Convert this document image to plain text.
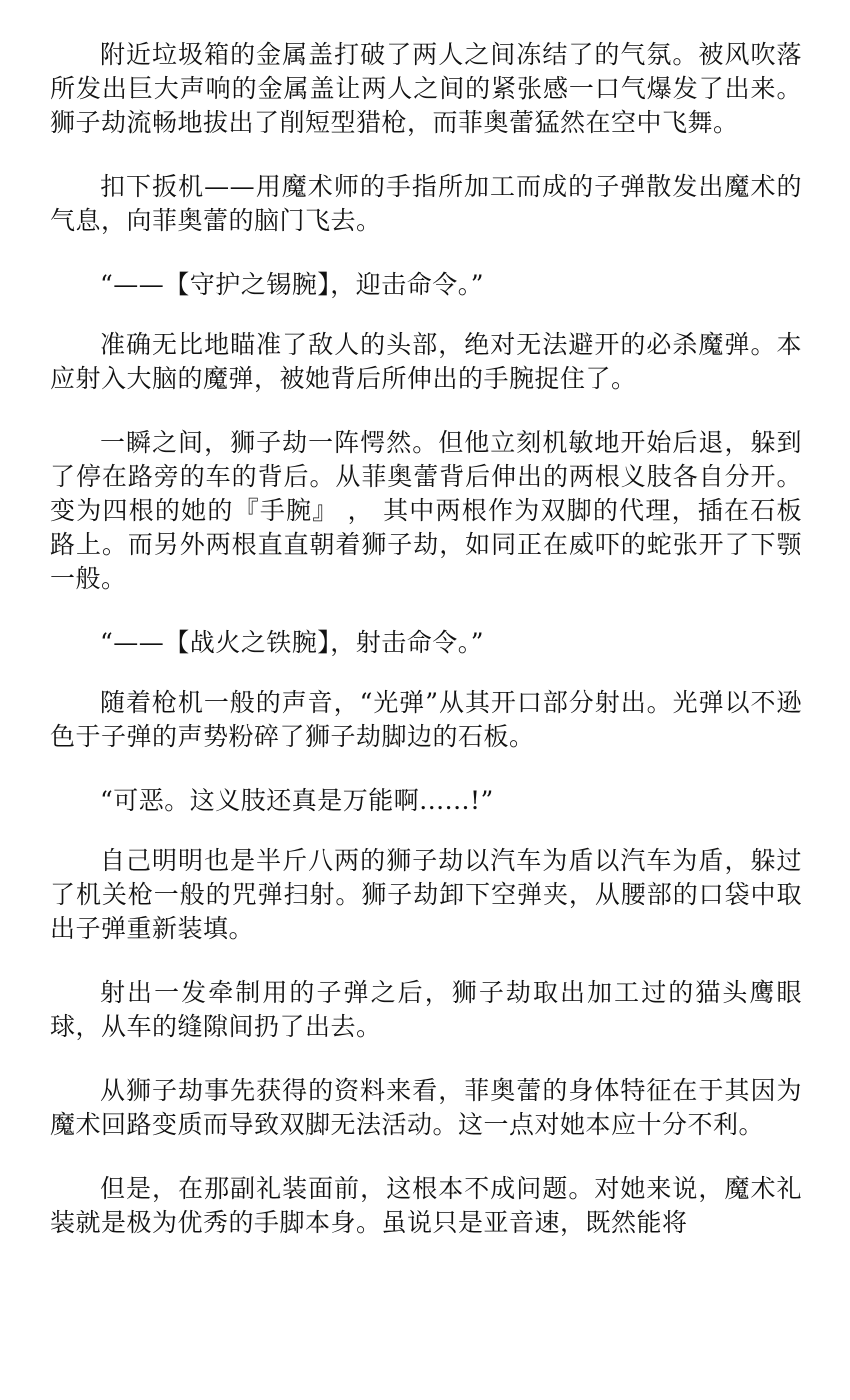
附近垃圾箱的金属盖打破了两人之间冻结了的气氛。被风吹落所发出巨大声响的金属盖让两人之间的紧张感一口气爆发了出来。狮子劫流畅地拔出了削短型猎枪，而菲奥蕾猛然在空中飞舞。

扣下扳机——用魔术师的手指所加工而成的子弹散发出魔术的气息，向菲奥蕾的脑门飞去。

“——【守护之锡腕】，迎击命令。”

准确无比地瞄准了敌人的头部，绝对无法避开的必杀魔弹。本应射入大脑的魔弹，被她背后所伸出的手腕捉住了。

一瞬之间，狮子劫一阵愕然。但他立刻机敏地开始后退，躲到了停在路旁的车的背后。从菲奥蕾背后伸出的两根义肢各自分开。变为四根的她的『手腕』 ， 其中两根作为双脚的代理，插在石板路上。而另外两根直直朝着狮子劫，如同正在威吓的蛇张开了下颚一般。

“——【战火之铁腕】，射击命令。”

随着枪机一般的声音，“光弹”从其开口部分射出。光弹以不逊色于子弹的声势粉碎了狮子劫脚边的石板。

“可恶。这义肢还真是万能啊......!”

自己明明也是半斤八两的狮子劫以汽车为盾以汽车为盾，躲过了机关枪一般的咒弹扫射。狮子劫卸下空弹夹，从腰部的口袋中取出子弹重新装填。

射出一发牵制用的子弹之后，狮子劫取出加工过的猫头鹰眼球，从车的缝隙间扔了出去。

从狮子劫事先获得的资料来看，菲奥蕾的身体特征在于其因为魔术回路变质而导致双脚无法活动。这一点对她本应十分不利。

但是，在那副礼装面前，这根本不成问题。对她来说，魔术礼装就是极为优秀的手脚本身。虽说只是亚音速，既然能将
